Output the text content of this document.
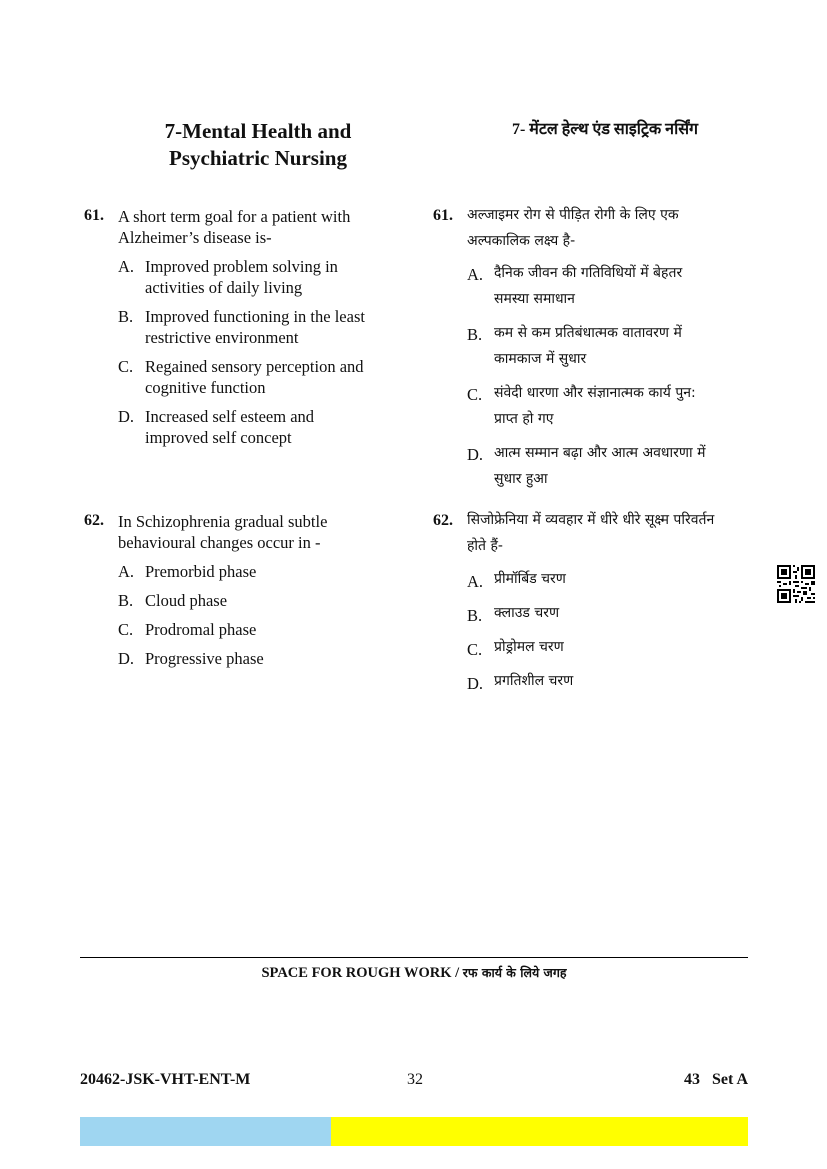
7-Mental Health and
Psychiatric Nursing
7- मेंटल हेल्थ एंड साइट्रिक नर्सिंग
61. A short term goal for a patient with
Alzheimer’s disease is-
A. Improved problem solving in
activities of daily living
B. Improved functioning in the least
restrictive environment
C. Regained sensory perception and
cognitive function
D. Increased self esteem and
improved self concept
62. In Schizophrenia gradual subtle
behavioural changes occur in -
A. Premorbid phase
B. Cloud phase
C. Prodromal phase
D. Progressive phase
61. अल्जाइमर रोग से पीड़ित रोगी के लिए एक
अल्पकालिक लक्ष्य है-
A. दैनिक जीवन की गतिविधियों में बेहतर
समस्या समाधान
B. कम से कम प्रतिबंधात्मक वातावरण में
कामकाज में सुधार
C. संवेदी धारणा और संज्ञानात्मक कार्य पुन:
प्राप्त हो गए
D. आत्म सम्मान बढ़ा और आत्म अवधारणा में
सुधार हुआ
62. सिजोफ्रेनिया में व्यवहार में धीरे धीरे सूक्ष्म परिवर्तन
होते हैं-
A. प्रीमॉर्बिड चरण
B. क्लाउड चरण
C. प्रोड्रोमल चरण
D. प्रगतिशील चरण
SPACE FOR ROUGH WORK / रफ कार्य के लिये जगह
20462-JSK-VHT-ENT-M	32	43   Set A
